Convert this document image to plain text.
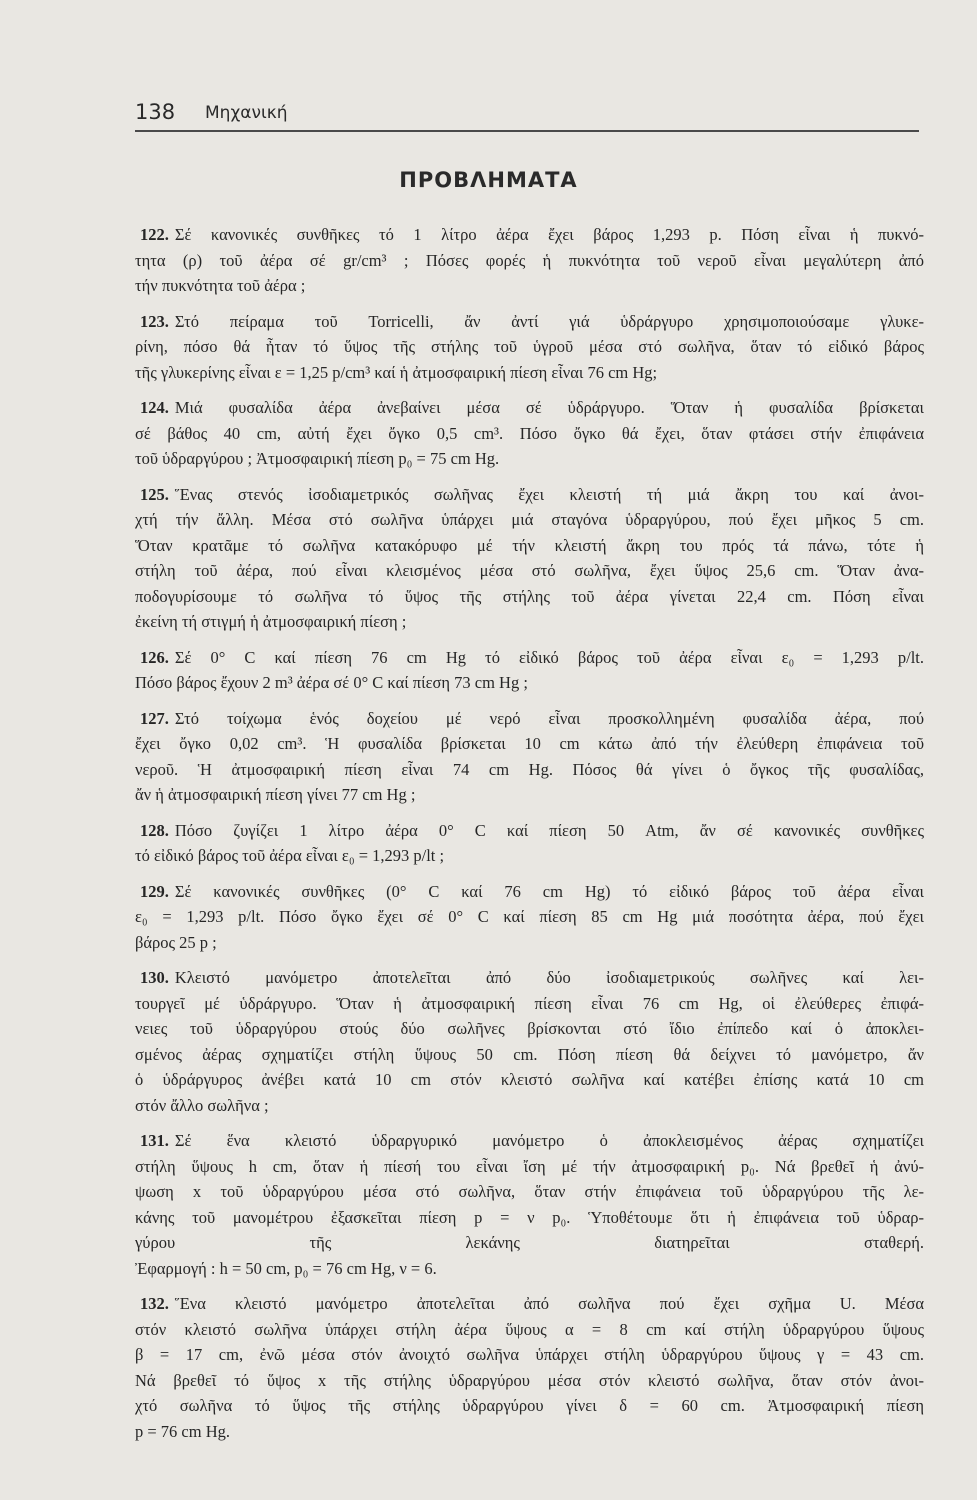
138 Μηχανική
ΠΡΟΒΛΗΜΑΤΑ
122. Σέ κανονικές συνθῆκες τό 1 λίτρο ἀέρα ἔχει βάρος 1,293 p. Πόση εἶναι ἡ πυκνό-
τητα (ρ) τοῦ ἀέρα σέ gr/cm³ ; Πόσες φορές ἡ πυκνότητα τοῦ νεροῦ εἶναι μεγαλύτερη ἀπό
τήν πυκνότητα τοῦ ἀέρα ;
123. Στό πείραμα τοῦ Torricelli, ἄν ἀντί γιά ὑδράργυρο χρησιμοποιούσαμε γλυκε-
ρίνη, πόσο θά ἦταν τό ὕψος τῆς στήλης τοῦ ὑγροῦ μέσα στό σωλῆνα, ὅταν τό εἰδικό βάρος
τῆς γλυκερίνης εἶναι ε = 1,25 p/cm³ καί ἡ ἀτμοσφαιρική πίεση εἶναι 76 cm Hg;
124. Μιά φυσαλίδα ἀέρα ἀνεβαίνει μέσα σέ ὑδράργυρο. Ὅταν ἡ φυσαλίδα βρίσκεται
σέ βάθος 40 cm, αὐτή ἔχει ὄγκο 0,5 cm³. Πόσο ὄγκο θά ἔχει, ὅταν φτάσει στήν ἐπιφάνεια
τοῦ ὑδραργύρου ; Ἀτμοσφαιρική πίεση p₀ = 75 cm Hg.
125. Ἕνας στενός ἰσοδιαμετρικός σωλῆνας ἔχει κλειστή τή μιά ἄκρη του καί ἀνοι-
χτή τήν ἄλλη. Μέσα στό σωλῆνα ὑπάρχει μιά σταγόνα ὑδραργύρου, πού ἔχει μῆκος 5 cm.
Ὅταν κρατᾶμε τό σωλῆνα κατακόρυφο μέ τήν κλειστή ἄκρη του πρός τά πάνω, τότε ἡ
στήλη τοῦ ἀέρα, πού εἶναι κλεισμένος μέσα στό σωλῆνα, ἔχει ὕψος 25,6 cm. Ὅταν ἀνα-
ποδογυρίσουμε τό σωλῆνα τό ὕψος τῆς στήλης τοῦ ἀέρα γίνεται 22,4 cm. Πόση εἶναι
ἐκείνη τή στιγμή ἡ ἀτμοσφαιρική πίεση ;
126. Σέ 0° C καί πίεση 76 cm Hg τό εἰδικό βάρος τοῦ ἀέρα εἶναι ε₀ = 1,293 p/lt.
Πόσο βάρος ἔχουν 2 m³ ἀέρα σέ 0° C καί πίεση 73 cm Hg ;
127. Στό τοίχωμα ἑνός δοχείου μέ νερό εἶναι προσκολλημένη φυσαλίδα ἀέρα, πού
ἔχει ὄγκο 0,02 cm³. Ἡ φυσαλίδα βρίσκεται 10 cm κάτω ἀπό τήν ἐλεύθερη ἐπιφάνεια τοῦ
νεροῦ. Ἡ ἀτμοσφαιρική πίεση εἶναι 74 cm Hg. Πόσος θά γίνει ὁ ὄγκος τῆς φυσαλίδας,
ἄν ἡ ἀτμοσφαιρική πίεση γίνει 77 cm Hg ;
128. Πόσο ζυγίζει 1 λίτρο ἀέρα 0° C καί πίεση 50 Atm, ἄν σέ κανονικές συνθῆκες
τό εἰδικό βάρος τοῦ ἀέρα εἶναι ε₀ = 1,293 p/lt ;
129. Σέ κανονικές συνθῆκες (0° C καί 76 cm Hg) τό εἰδικό βάρος τοῦ ἀέρα εἶναι
ε₀ = 1,293 p/lt. Πόσο ὄγκο ἔχει σέ 0° C καί πίεση 85 cm Hg μιά ποσότητα ἀέρα, πού ἔχει
βάρος 25 p ;
130. Κλειστό μανόμετρο ἀποτελεῖται ἀπό δύο ἰσοδιαμετρικούς σωλῆνες καί λει-
τουργεῖ μέ ὑδράργυρο. Ὅταν ἡ ἀτμοσφαιρική πίεση εἶναι 76 cm Hg, οἱ ἐλεύθερες ἐπιφά-
νειες τοῦ ὑδραργύρου στούς δύο σωλῆνες βρίσκονται στό ἴδιο ἐπίπεδο καί ὁ ἀποκλει-
σμένος ἀέρας σχηματίζει στήλη ὕψους 50 cm. Πόση πίεση θά δείχνει τό μανόμετρο, ἄν
ὁ ὑδράργυρος ἀνέβει κατά 10 cm στόν κλειστό σωλῆνα καί κατέβει ἐπίσης κατά 10 cm
στόν ἄλλο σωλῆνα ;
131. Σέ ἕνα κλειστό ὑδραργυρικό μανόμετρο ὁ ἀποκλεισμένος ἀέρας σχηματίζει
στήλη ὕψους h cm, ὅταν ἡ πίεσή του εἶναι ἴση μέ τήν ἀτμοσφαιρική p₀. Νά βρεθεῖ ἡ ἀνύ-
ψωση x τοῦ ὑδραργύρου μέσα στό σωλῆνα, ὅταν στήν ἐπιφάνεια τοῦ ὑδραργύρου τῆς λε-
κάνης τοῦ μανομέτρου ἐξασκεῖται πίεση p = ν p₀. Ὑποθέτουμε ὅτι ἡ ἐπιφάνεια τοῦ ὑδραρ-
γύρου τῆς λεκάνης διατηρεῖται σταθερή.
Ἐφαρμογή : h = 50 cm, p₀ = 76 cm Hg, ν = 6.
132. Ἕνα κλειστό μανόμετρο ἀποτελεῖται ἀπό σωλῆνα πού ἔχει σχῆμα U. Μέσα
στόν κλειστό σωλῆνα ὑπάρχει στήλη ἀέρα ὕψους α = 8 cm καί στήλη ὑδραργύρου ὕψους
β = 17 cm, ἐνῶ μέσα στόν ἀνοιχτό σωλῆνα ὑπάρχει στήλη ὑδραργύρου ὕψους γ = 43 cm.
Νά βρεθεῖ τό ὕψος x τῆς στήλης ὑδραργύρου μέσα στόν κλειστό σωλῆνα, ὅταν στόν ἀνοι-
χτό σωλῆνα τό ὕψος τῆς στήλης ὑδραργύρου γίνει δ = 60 cm. Ἀτμοσφαιρική πίεση
p = 76 cm Hg.
